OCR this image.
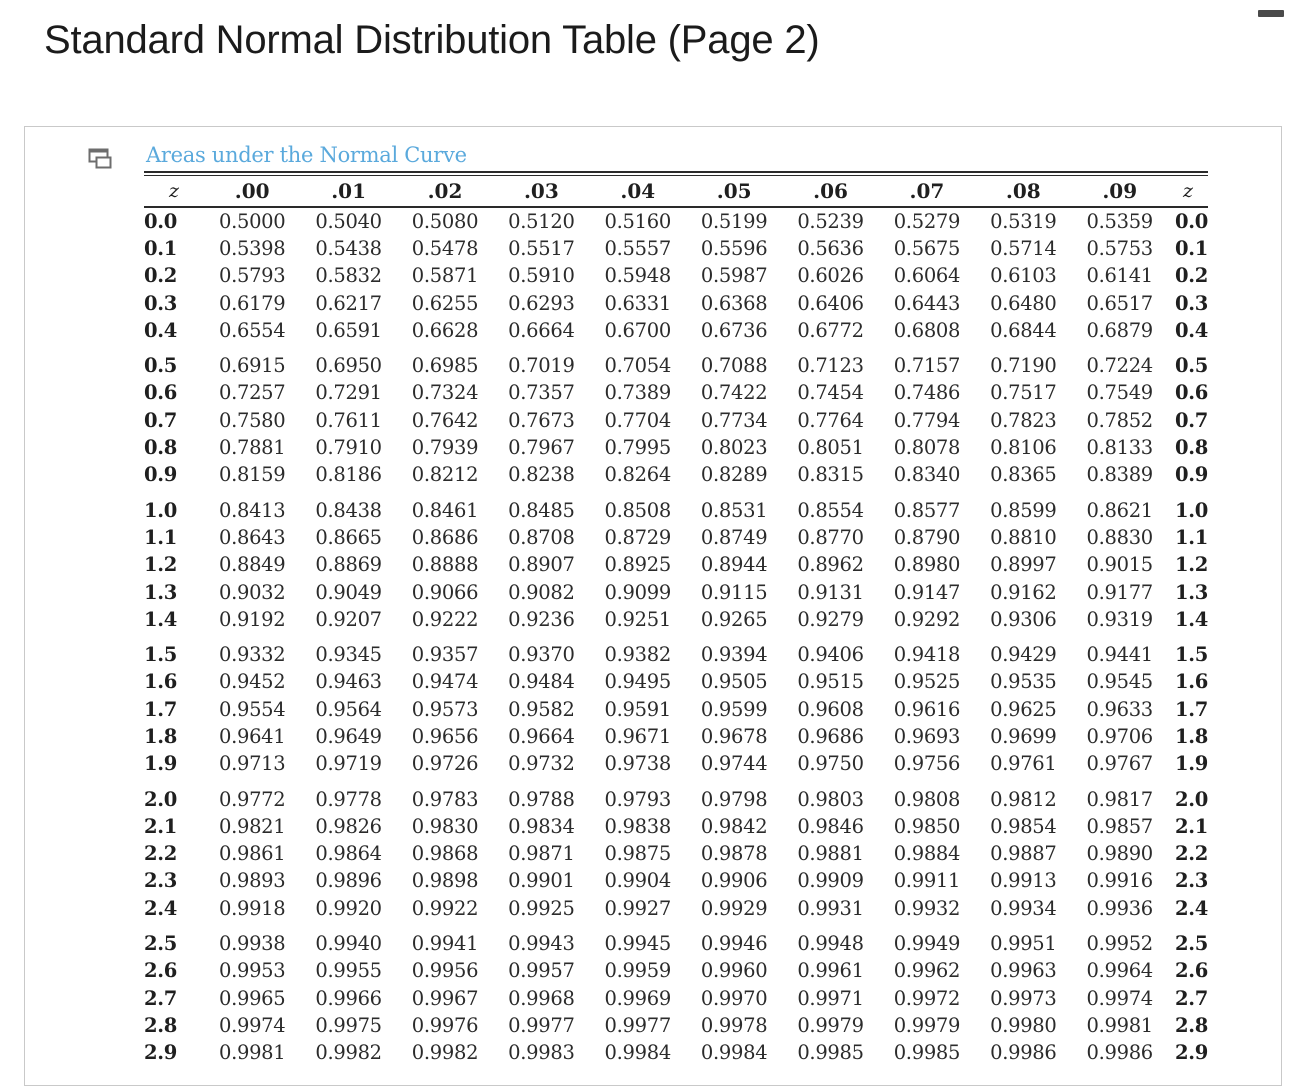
Standard Normal Distribution Table (Page 2)
Areas under the Normal Curve
z	.00	.01	.02	.03	.04	.05	.06	.07	.08	.09	z

0.0	0.5000	0.5040	0.5080	0.5120	0.5160	0.5199	0.5239	0.5279	0.5319	0.5359	0.0
0.1	0.5398	0.5438	0.5478	0.5517	0.5557	0.5596	0.5636	0.5675	0.5714	0.5753	0.1
0.2	0.5793	0.5832	0.5871	0.5910	0.5948	0.5987	0.6026	0.6064	0.6103	0.6141	0.2
0.3	0.6179	0.6217	0.6255	0.6293	0.6331	0.6368	0.6406	0.6443	0.6480	0.6517	0.3
0.4	0.6554	0.6591	0.6628	0.6664	0.6700	0.6736	0.6772	0.6808	0.6844	0.6879	0.4
0.5	0.6915	0.6950	0.6985	0.7019	0.7054	0.7088	0.7123	0.7157	0.7190	0.7224	0.5
0.6	0.7257	0.7291	0.7324	0.7357	0.7389	0.7422	0.7454	0.7486	0.7517	0.7549	0.6
0.7	0.7580	0.7611	0.7642	0.7673	0.7704	0.7734	0.7764	0.7794	0.7823	0.7852	0.7
0.8	0.7881	0.7910	0.7939	0.7967	0.7995	0.8023	0.8051	0.8078	0.8106	0.8133	0.8
0.9	0.8159	0.8186	0.8212	0.8238	0.8264	0.8289	0.8315	0.8340	0.8365	0.8389	0.9
1.0	0.8413	0.8438	0.8461	0.8485	0.8508	0.8531	0.8554	0.8577	0.8599	0.8621	1.0
1.1	0.8643	0.8665	0.8686	0.8708	0.8729	0.8749	0.8770	0.8790	0.8810	0.8830	1.1
1.2	0.8849	0.8869	0.8888	0.8907	0.8925	0.8944	0.8962	0.8980	0.8997	0.9015	1.2
1.3	0.9032	0.9049	0.9066	0.9082	0.9099	0.9115	0.9131	0.9147	0.9162	0.9177	1.3
1.4	0.9192	0.9207	0.9222	0.9236	0.9251	0.9265	0.9279	0.9292	0.9306	0.9319	1.4
1.5	0.9332	0.9345	0.9357	0.9370	0.9382	0.9394	0.9406	0.9418	0.9429	0.9441	1.5
1.6	0.9452	0.9463	0.9474	0.9484	0.9495	0.9505	0.9515	0.9525	0.9535	0.9545	1.6
1.7	0.9554	0.9564	0.9573	0.9582	0.9591	0.9599	0.9608	0.9616	0.9625	0.9633	1.7
1.8	0.9641	0.9649	0.9656	0.9664	0.9671	0.9678	0.9686	0.9693	0.9699	0.9706	1.8
1.9	0.9713	0.9719	0.9726	0.9732	0.9738	0.9744	0.9750	0.9756	0.9761	0.9767	1.9
2.0	0.9772	0.9778	0.9783	0.9788	0.9793	0.9798	0.9803	0.9808	0.9812	0.9817	2.0
2.1	0.9821	0.9826	0.9830	0.9834	0.9838	0.9842	0.9846	0.9850	0.9854	0.9857	2.1
2.2	0.9861	0.9864	0.9868	0.9871	0.9875	0.9878	0.9881	0.9884	0.9887	0.9890	2.2
2.3	0.9893	0.9896	0.9898	0.9901	0.9904	0.9906	0.9909	0.9911	0.9913	0.9916	2.3
2.4	0.9918	0.9920	0.9922	0.9925	0.9927	0.9929	0.9931	0.9932	0.9934	0.9936	2.4
2.5	0.9938	0.9940	0.9941	0.9943	0.9945	0.9946	0.9948	0.9949	0.9951	0.9952	2.5
2.6	0.9953	0.9955	0.9956	0.9957	0.9959	0.9960	0.9961	0.9962	0.9963	0.9964	2.6
2.7	0.9965	0.9966	0.9967	0.9968	0.9969	0.9970	0.9971	0.9972	0.9973	0.9974	2.7
2.8	0.9974	0.9975	0.9976	0.9977	0.9977	0.9978	0.9979	0.9979	0.9980	0.9981	2.8
2.9	0.9981	0.9982	0.9982	0.9983	0.9984	0.9984	0.9985	0.9985	0.9986	0.9986	2.9
